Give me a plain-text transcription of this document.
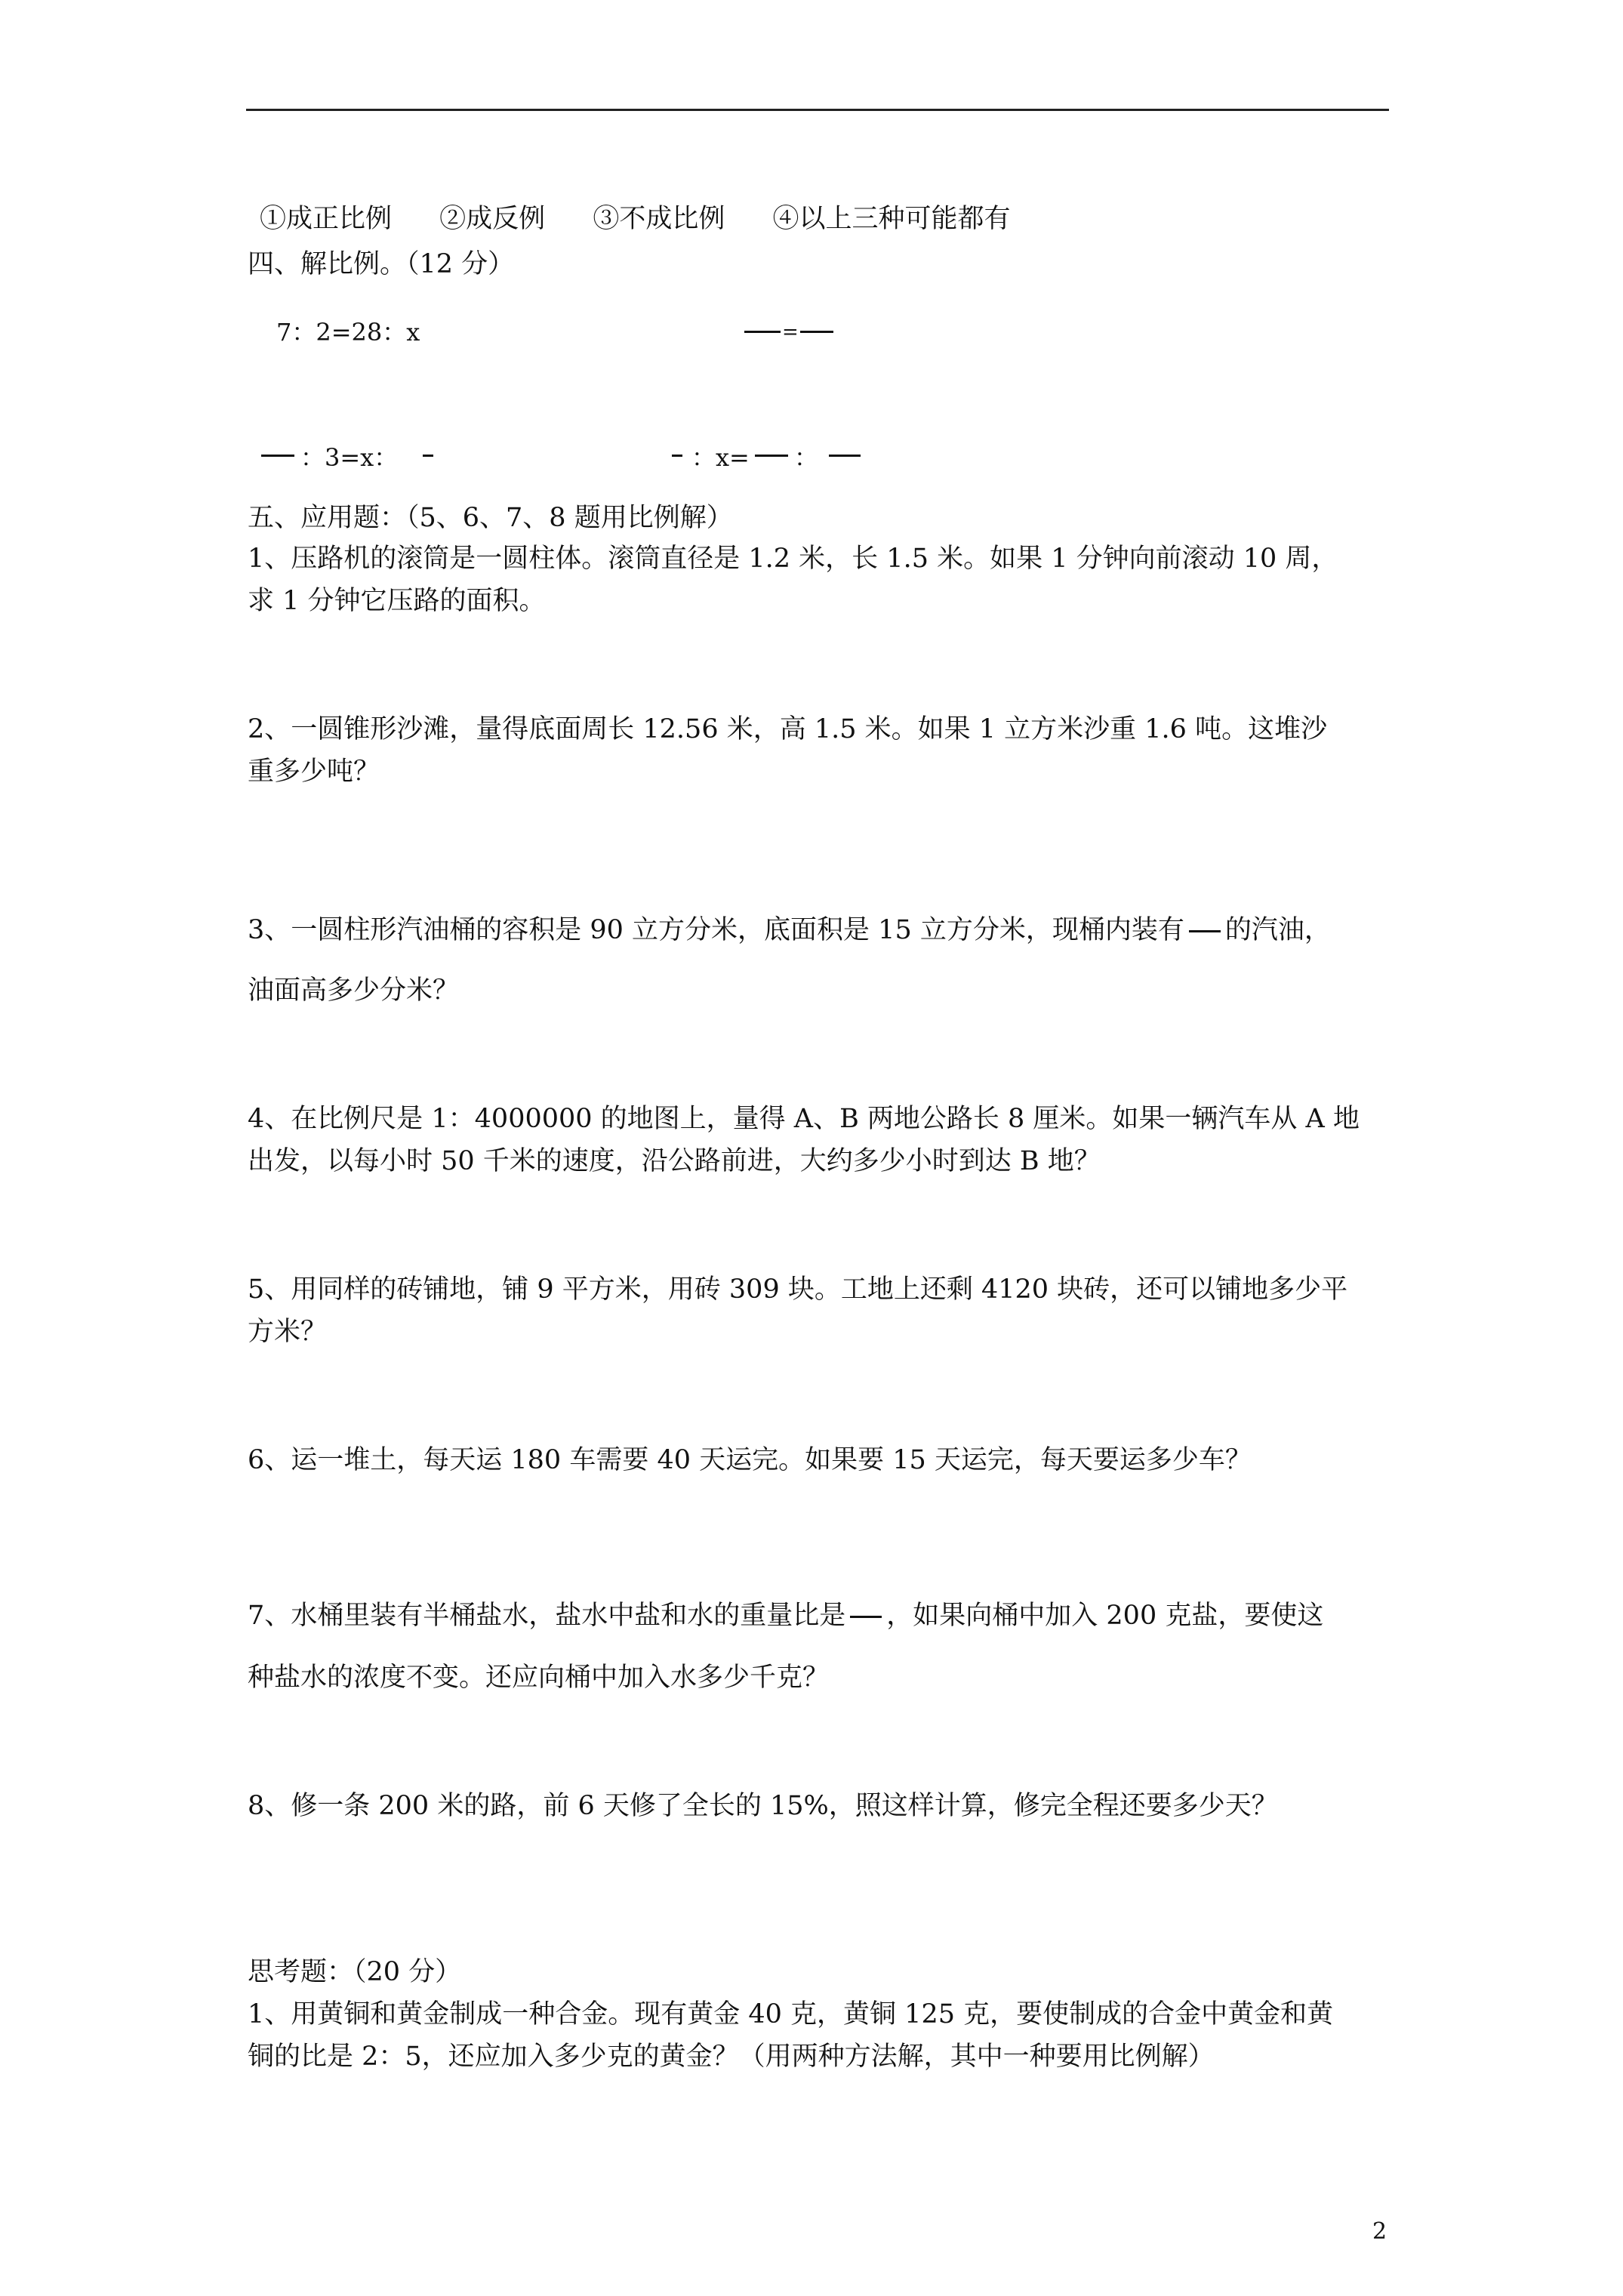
①成正比例 ②成反例 ③不成比例 ④以上三种可能都有
四、解比例。（12 分）
7：2=28：x	=
：3=x：	：x= ：
五、应用题：（5、6、7、8 题用比例解）
1、压路机的滚筒是一圆柱体。滚筒直径是 1.2 米，长 1.5 米。如果 1 分钟向前滚动 10 周，
求 1 分钟它压路的面积。
2、一圆锥形沙滩，量得底面周长 12.56 米，高 1.5 米。如果 1 立方米沙重 1.6 吨。这堆沙
重多少吨？
3、一圆柱形汽油桶的容积是 90 立方分米，底面积是 15 立方分米，现桶内装有 的汽油，
油面高多少分米？
4、在比例尺是 1：4000000 的地图上，量得 A、B 两地公路长 8 厘米。如果一辆汽车从 A 地
出发，以每小时 50 千米的速度，沿公路前进，大约多少小时到达 B 地？
5、用同样的砖铺地，铺 9 平方米，用砖 309 块。工地上还剩 4120 块砖，还可以铺地多少平
方米？
6、运一堆土，每天运 180 车需要 40 天运完。如果要 15 天运完，每天要运多少车？
7、水桶里装有半桶盐水，盐水中盐和水的重量比是 ，如果向桶中加入 200 克盐，要使这
种盐水的浓度不变。还应向桶中加入水多少千克？
8、修一条 200 米的路，前 6 天修了全长的 15%，照这样计算，修完全程还要多少天？
思考题：（20 分）
1、用黄铜和黄金制成一种合金。现有黄金 40 克，黄铜 125 克，要使制成的合金中黄金和黄
铜的比是 2：5，还应加入多少克的黄金？（用两种方法解，其中一种要用比例解）
2
